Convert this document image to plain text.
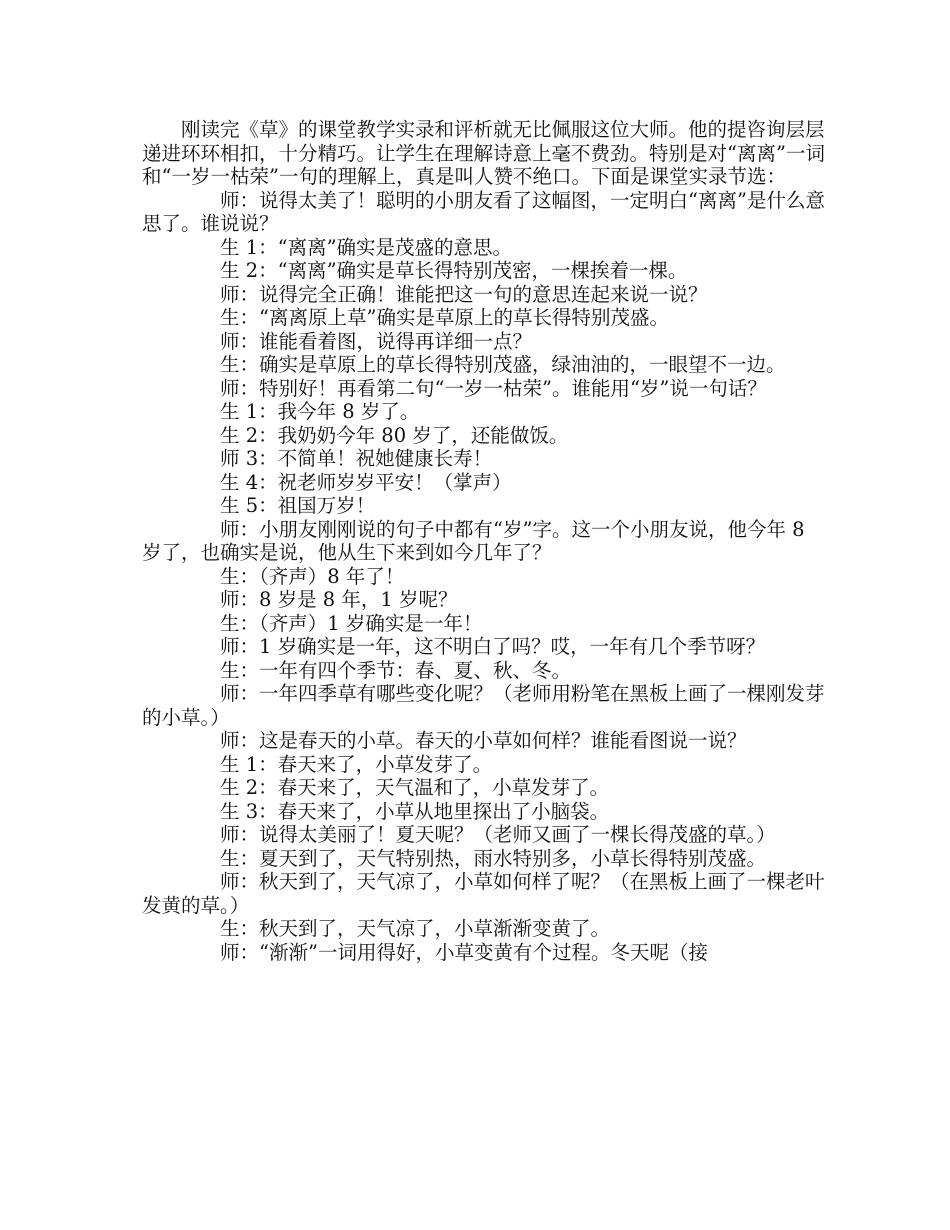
刚读完《草》的课堂教学实录和评析就无比佩服这位大师。他的提咨询层层递进环环相扣，十分精巧。让学生在理解诗意上毫不费劲。特别是对“离离”一词和“一岁一枯荣”一句的理解上，真是叫人赞不绝口。下面是课堂实录节选：

师：说得太美了！聪明的小朋友看了这幅图，一定明白“离离”是什么意思了。谁说说？

生 1：“离离”确实是茂盛的意思。

生 2：“离离”确实是草长得特别茂密，一棵挨着一棵。

师：说得完全正确！谁能把这一句的意思连起来说一说？

生：“离离原上草”确实是草原上的草长得特别茂盛。

师：谁能看着图，说得再详细一点？

生：确实是草原上的草长得特别茂盛，绿油油的，一眼望不一边。

师：特别好！再看第二句“一岁一枯荣”。谁能用“岁”说一句话？

生 1：我今年 8 岁了。

生 2：我奶奶今年 80 岁了，还能做饭。

师 3：不简单！祝她健康长寿！

生 4：祝老师岁岁平安！（掌声）

生 5：祖国万岁！

师：小朋友刚刚说的句子中都有“岁”字。这一个小朋友说，他今年 8 岁了，也确实是说，他从生下来到如今几年了？

生：（齐声）8 年了！

师：8 岁是 8 年，1 岁呢？

生：（齐声）1 岁确实是一年！

师：1 岁确实是一年，这不明白了吗？哎，一年有几个季节呀？

生：一年有四个季节：春、夏、秋、冬。

师：一年四季草有哪些变化呢？（老师用粉笔在黑板上画了一棵刚发芽的小草。）

师：这是春天的小草。春天的小草如何样？谁能看图说一说？

生 1：春天来了，小草发芽了。

生 2：春天来了，天气温和了，小草发芽了。

生 3：春天来了，小草从地里探出了小脑袋。

师：说得太美丽了！夏天呢？（老师又画了一棵长得茂盛的草。）

生：夏天到了，天气特别热，雨水特别多，小草长得特别茂盛。

师：秋天到了，天气凉了，小草如何样了呢？（在黑板上画了一棵老叶发黄的草。）

生：秋天到了，天气凉了，小草渐渐变黄了。

师：“渐渐”一词用得好，小草变黄有个过程。冬天呢（接
